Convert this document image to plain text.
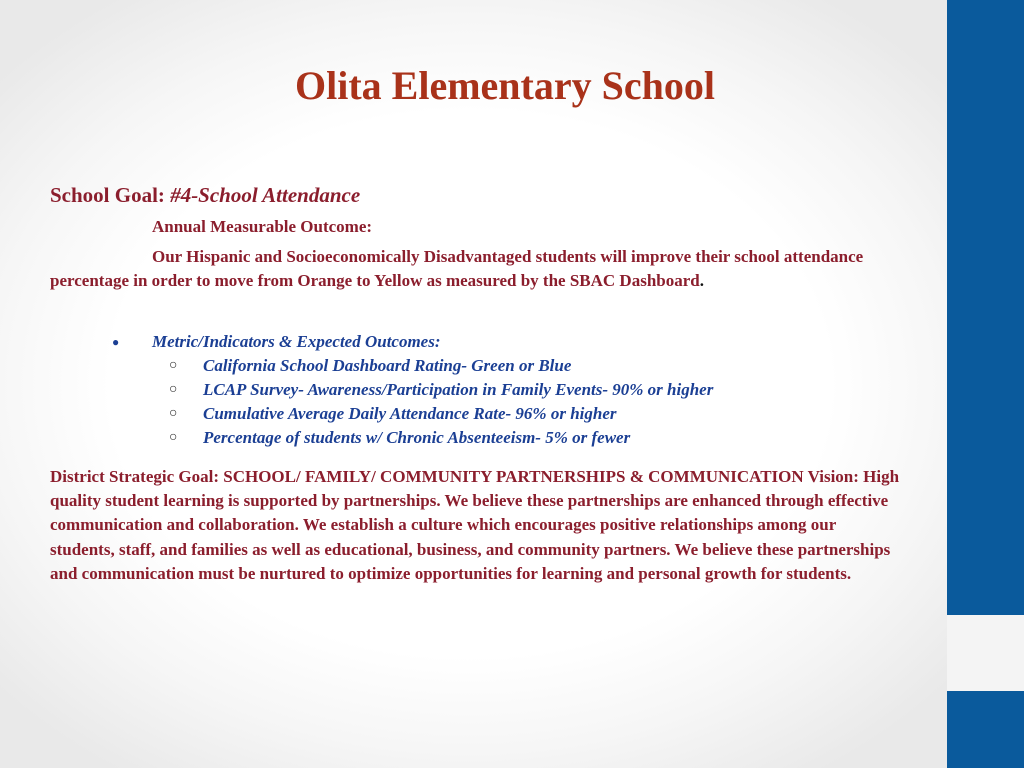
Olita Elementary School
School Goal: #4-School Attendance
Annual Measurable Outcome:
Our Hispanic and Socioeconomically Disadvantaged students will improve their school attendance percentage in order to move from Orange to Yellow as measured by the SBAC Dashboard.
●	Metric/Indicators & Expected Outcomes:
○	California School Dashboard Rating- Green or Blue
○	LCAP Survey- Awareness/Participation in Family Events- 90% or higher
○	Cumulative Average Daily Attendance Rate- 96% or higher
○	Percentage of students w/ Chronic Absenteeism- 5% or fewer
District Strategic Goal: SCHOOL/ FAMILY/ COMMUNITY PARTNERSHIPS & COMMUNICATION Vision: High quality student learning is supported by partnerships. We believe these partnerships are enhanced through effective communication and collaboration. We establish a culture which encourages positive relationships among our students, staff, and families as well as educational, business, and community partners. We believe these partnerships and communication must be nurtured to optimize opportunities for learning and personal growth for students.
